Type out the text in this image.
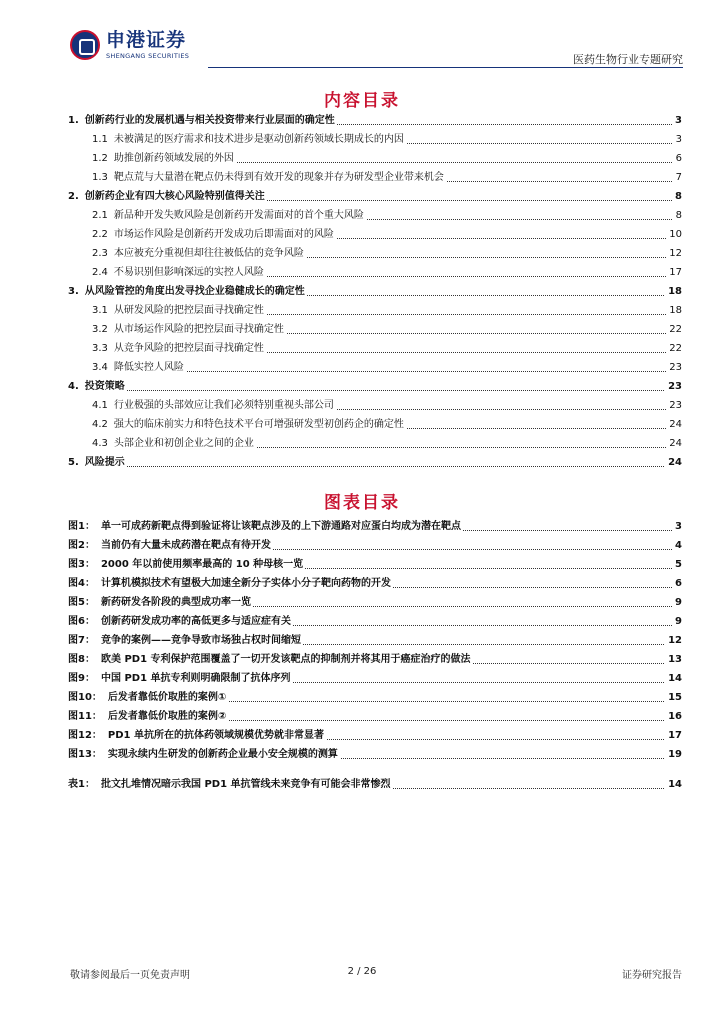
申港证券
SHENGANG SECURITIES	医药生物行业专题研究
内容目录
1. 创新药行业的发展机遇与相关投资带来行业层面的确定性	3
1.1 未被满足的医疗需求和技术进步是驱动创新药领域长期成长的内因	3
1.2 助推创新药领域发展的外因	6
1.3 靶点荒与大量潜在靶点仍未得到有效开发的现象并存为研发型企业带来机会	7
2. 创新药企业有四大核心风险特别值得关注	8
2.1 新品种开发失败风险是创新药开发需面对的首个重大风险	8
2.2 市场运作风险是创新药开发成功后即需面对的风险	10
2.3 本应被充分重视但却往往被低估的竞争风险	12
2.4 不易识别但影响深远的实控人风险	17
3. 从风险管控的角度出发寻找企业稳健成长的确定性	18
3.1 从研发风险的把控层面寻找确定性	18
3.2 从市场运作风险的把控层面寻找确定性	22
3.3 从竞争风险的把控层面寻找确定性	22
3.4 降低实控人风险	23
4. 投资策略	23
4.1 行业极强的头部效应让我们必须特别重视头部公司	23
4.2 强大的临床前实力和特色技术平台可增强研发型初创药企的确定性	24
4.3 头部企业和初创企业之间的企业	24
5. 风险提示	24
图表目录
图1： 单一可成药新靶点得到验证将让该靶点涉及的上下游通路对应蛋白均成为潜在靶点	3
图2： 当前仍有大量未成药潜在靶点有待开发	4
图3： 2000 年以前使用频率最高的 10 种母核一览	5
图4： 计算机模拟技术有望极大加速全新分子实体小分子靶向药物的开发	6
图5： 新药研发各阶段的典型成功率一览	9
图6： 创新药研发成功率的高低更多与适应症有关	9
图7： 竞争的案例——竞争导致市场独占权时间缩短	12
图8： 欧美 PD1 专利保护范围覆盖了一切开发该靶点的抑制剂并将其用于癌症治疗的做法	13
图9： 中国 PD1 单抗专利则明确限制了抗体序列	14
图10： 后发者靠低价取胜的案例①	15
图11： 后发者靠低价取胜的案例②	16
图12： PD1 单抗所在的抗体药领域规模优势就非常显著	17
图13： 实现永续内生研发的创新药企业最小安全规模的测算	19
表1： 批文扎堆情况暗示我国 PD1 单抗管线未来竞争有可能会非常惨烈	14
敬请参阅最后一页免责声明	2 / 26	证券研究报告
